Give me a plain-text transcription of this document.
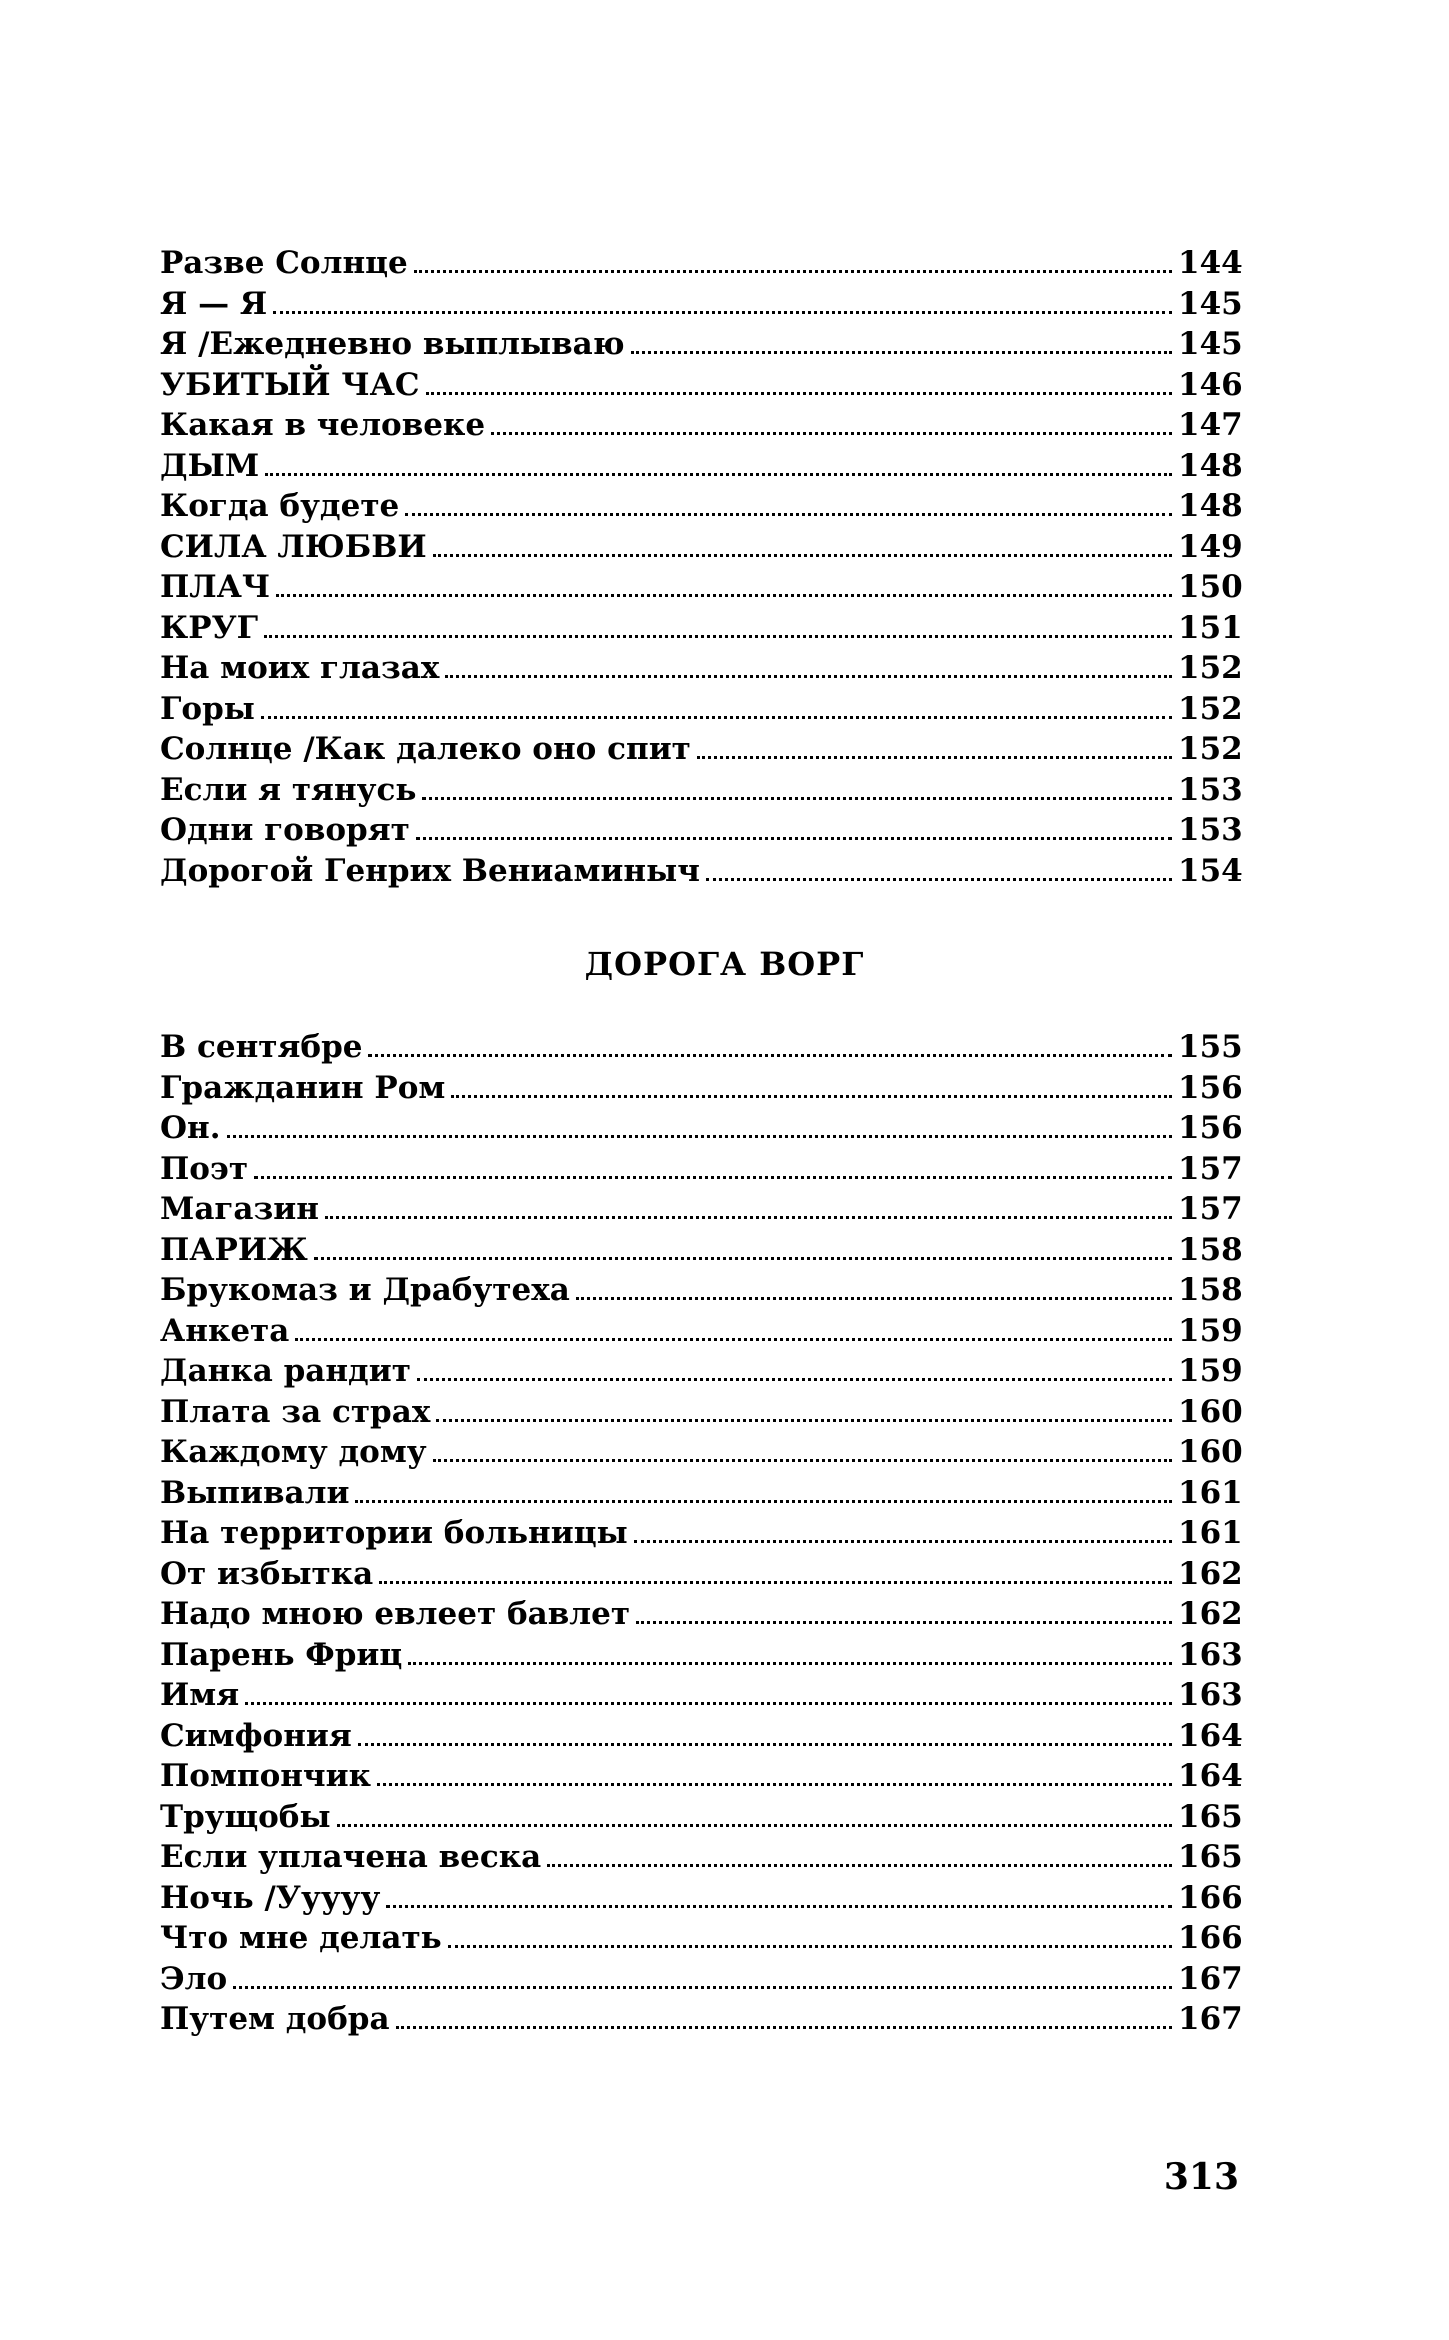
Разве Солнце	144
Я — Я	145
Я /Ежедневно выплываю	145
УБИТЫЙ ЧАС	146
Какая в человеке	147
ДЫМ	148
Когда будете	148
СИЛА ЛЮБВИ	149
ПЛАЧ	150
КРУГ	151
На моих глазах	152
Горы	152
Солнце /Как далеко оно спит	152
Если я тянусь	153
Одни говорят	153
Дорогой Генрих Вениаминыч	154
ДОРОГА ВОРГ
В сентябре	155
Гражданин Ром	156
Он.	156
Поэт	157
Магазин	157
ПАРИЖ	158
Брукомаз и Драбутеха	158
Анкета	159
Данка рандит	159
Плата за страх	160
Каждому дому	160
Выпивали	161
На территории больницы	161
От избытка	162
Надо мною евлеет бавлет	162
Парень Фриц	163
Имя	163
Симфония	164
Помпончик	164
Трущобы	165
Если уплачена веска	165
Ночь /Ууууу	166
Что мне делать	166
Эло	167
Путем добра	167
313
